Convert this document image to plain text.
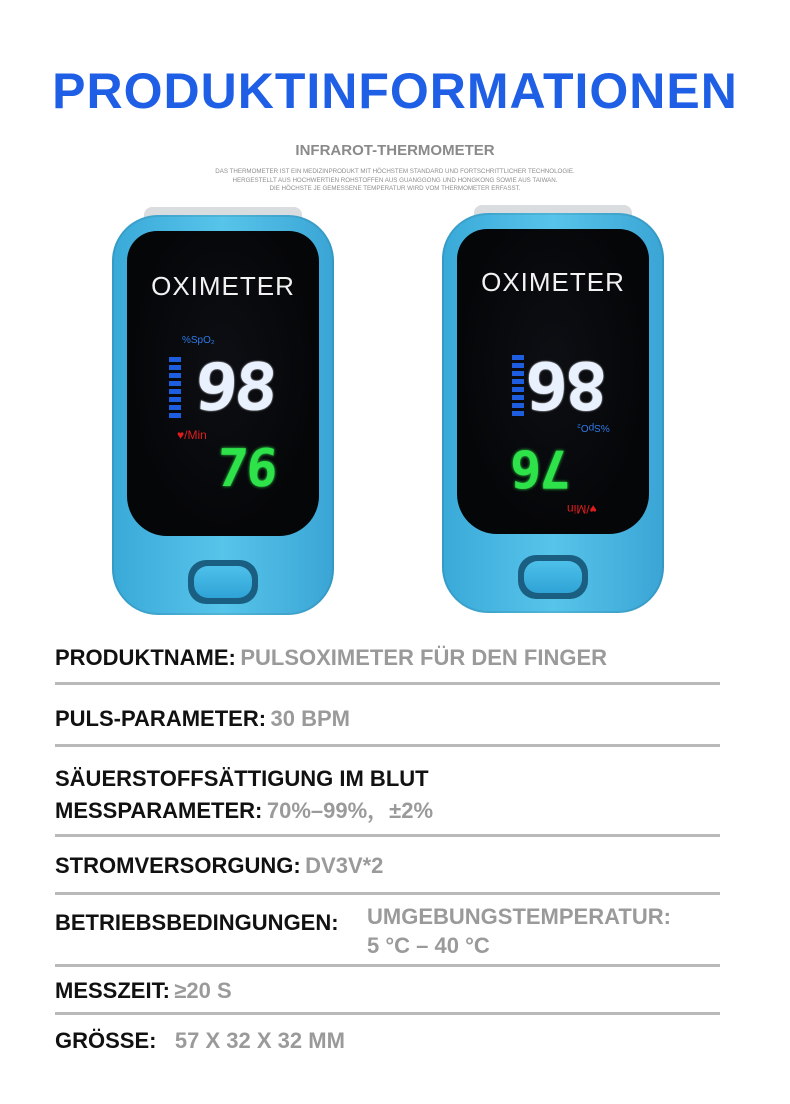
PRODUKTINFORMATIONEN
INFRAROT-THERMOMETER
DAS THERMOMETER IST EIN MEDIZINPRODUKT MIT HÖCHSTEM STANDARD UND FORTSCHRITTLICHER TECHNOLOGIE.
HERGESTELLT AUS HOCHWERTIEN ROHSTOFFEN AUS GUANGGONG UND HONGKONG SOWIE AUS TAIWAN.
DIE HÖCHSTE JE GEMESSENE TEMPERATUR WIRD VOM THERMOMETER ERFASST.
OXIMETER
%SpO₂
98
♥/Min
76
OXIMETER
86
%SpO₂
76
♥/Min
PRODUKTNAME: PULSOXIMETER FÜR DEN FINGER
PULS-PARAMETER: 30 BPM
SÄUERSTOFFSÄTTIGUNG IM BLUT
MESSPARAMETER: 70%–99%，±2%
STROMVERSORGUNG: DV3V*2
BETRIEBSBEDINGUNGEN: UMGEBUNGSTEMPERATUR:
5 °C – 40 °C
MESSZEIT: ≥20 S
GRÖSSE: 57 X 32 X 32 MM
